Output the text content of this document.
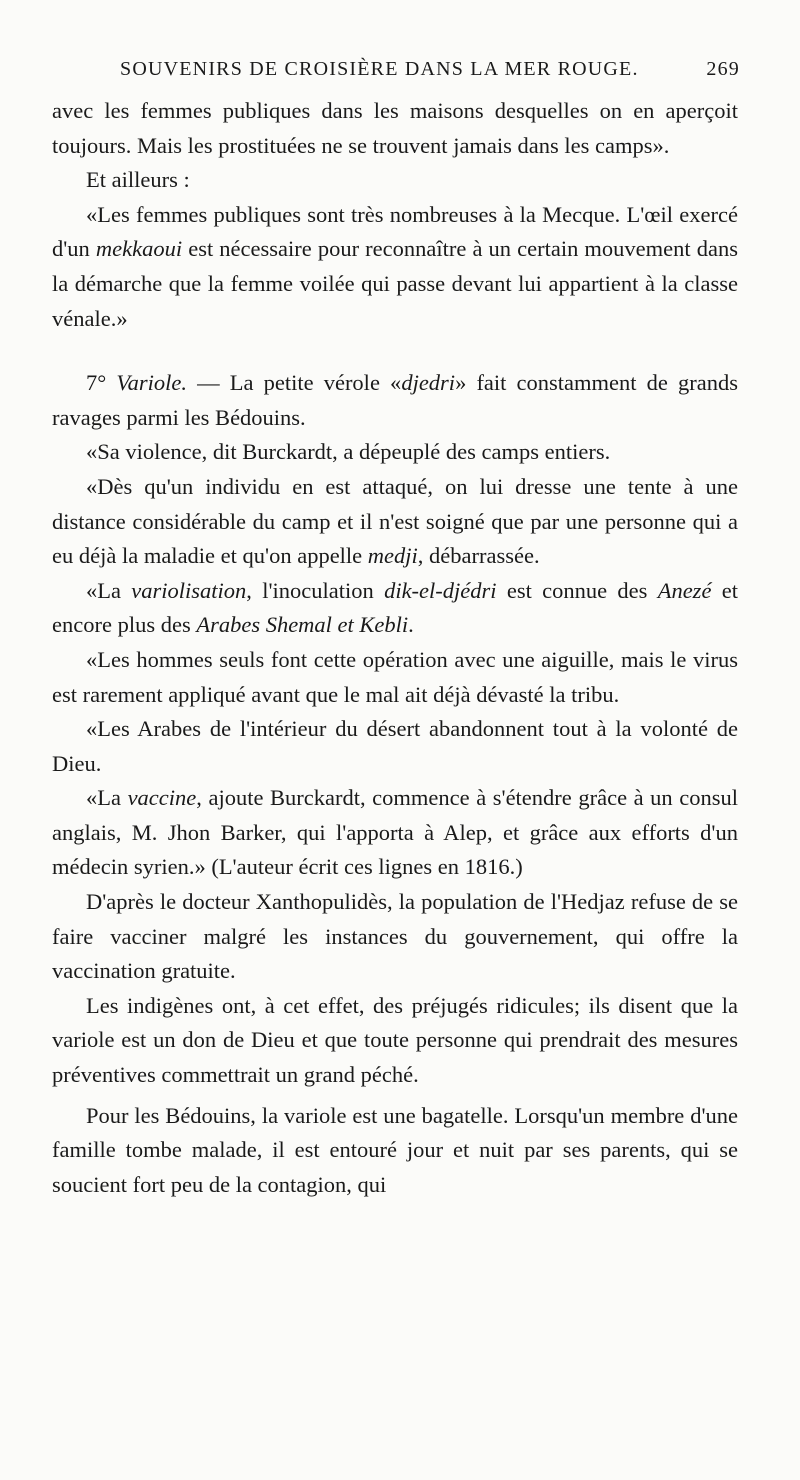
SOUVENIRS DE CROISIÈRE DANS LA MER ROUGE.	269

avec les femmes publiques dans les maisons desquelles on en aperçoit toujours. Mais les prostituées ne se trouvent jamais dans les camps».

Et ailleurs :

«Les femmes publiques sont très nombreuses à la Mecque. L'œil exercé d'un mekkaoui est nécessaire pour reconnaître à un certain mouvement dans la démarche que la femme voilée qui passe devant lui appartient à la classe vénale.»

7° Variole. — La petite vérole «djedri» fait constamment de grands ravages parmi les Bédouins.

«Sa violence, dit Burckardt, a dépeuplé des camps entiers.

«Dès qu'un individu en est attaqué, on lui dresse une tente à une distance considérable du camp et il n'est soigné que par une personne qui a eu déjà la maladie et qu'on appelle medji, débarrassée.

«La variolisation, l'inoculation dik-el-djédri est connue des Anezé et encore plus des Arabes Shemal et Kebli.

«Les hommes seuls font cette opération avec une aiguille, mais le virus est rarement appliqué avant que le mal ait déjà dévasté la tribu.

«Les Arabes de l'intérieur du désert abandonnent tout à la volonté de Dieu.

«La vaccine, ajoute Burckardt, commence à s'étendre grâce à un consul anglais, M. Jhon Barker, qui l'apporta à Alep, et grâce aux efforts d'un médecin syrien.» (L'auteur écrit ces lignes en 1816.)

D'après le docteur Xanthopulidès, la population de l'Hedjaz refuse de se faire vacciner malgré les instances du gouvernement, qui offre la vaccination gratuite.

Les indigènes ont, à cet effet, des préjugés ridicules; ils disent que la variole est un don de Dieu et que toute personne qui prendrait des mesures préventives commettrait un grand péché.

Pour les Bédouins, la variole est une bagatelle. Lorsqu'un membre d'une famille tombe malade, il est entouré jour et nuit par ses parents, qui se soucient fort peu de la contagion, qui
